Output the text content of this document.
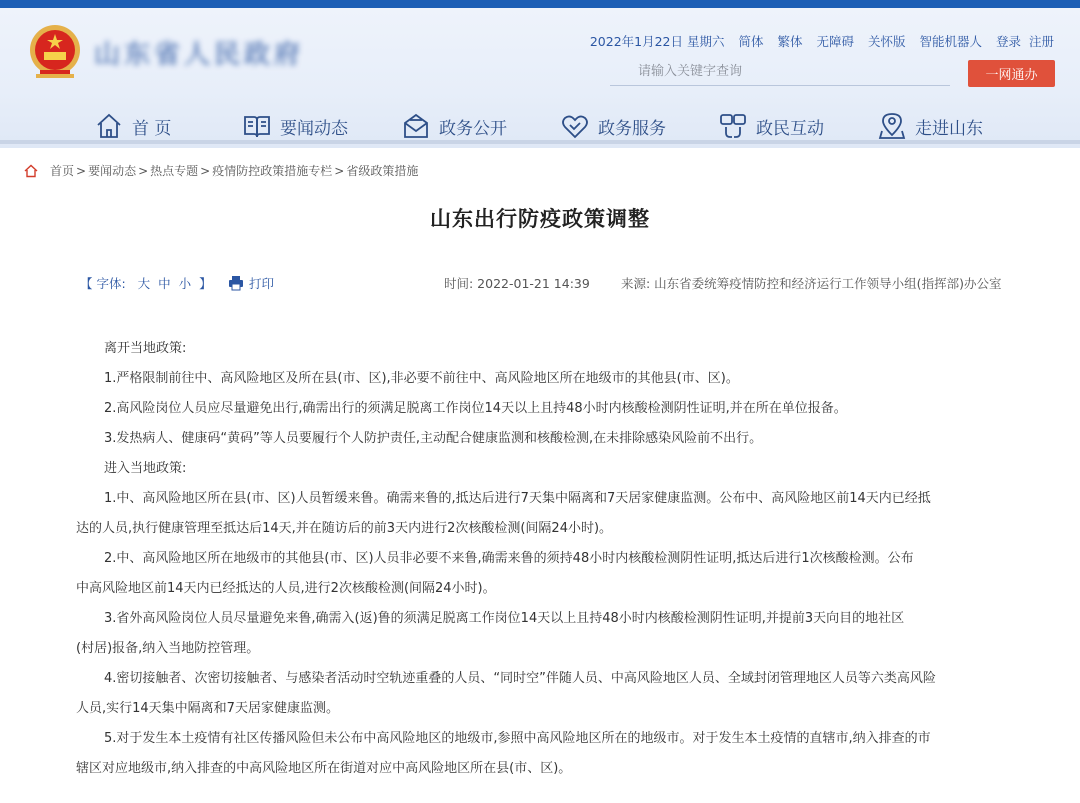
山东省人民政府	2022年1月22日 星期六 简体 繁体 无障碍 关怀版 智能机器人 登录 注册
请输入关键字查询
一网通办
首 页	要闻动态	政务公开	政务服务	政民互动	走进山东
首页 > 要闻动态 > 热点专题 > 疫情防控政策措施专栏 > 省级政策措施
山东出行防疫政策调整
【 字体: 大 中 小 】	打印	时间: 2022-01-21 14:39 来源: 山东省委统筹疫情防控和经济运行工作领导小组(指挥部)办公室

离开当地政策:

1.严格限制前往中、高风险地区及所在县(市、区),非必要不前往中、高风险地区所在地级市的其他县(市、区)。

2.高风险岗位人员应尽量避免出行,确需出行的须满足脱离工作岗位14天以上且持48小时内核酸检测阴性证明,并在所在单位报备。

3.发热病人、健康码“黄码”等人员要履行个人防护责任,主动配合健康监测和核酸检测,在未排除感染风险前不出行。

进入当地政策:

1.中、高风险地区所在县(市、区)人员暂缓来鲁。确需来鲁的,抵达后进行7天集中隔离和7天居家健康监测。公布中、高风险地区前14天内已经抵

达的人员,执行健康管理至抵达后14天,并在随访后的前3天内进行2次核酸检测(间隔24小时)。

2.中、高风险地区所在地级市的其他县(市、区)人员非必要不来鲁,确需来鲁的须持48小时内核酸检测阴性证明,抵达后进行1次核酸检测。公布

中高风险地区前14天内已经抵达的人员,进行2次核酸检测(间隔24小时)。

3.省外高风险岗位人员尽量避免来鲁,确需入(返)鲁的须满足脱离工作岗位14天以上且持48小时内核酸检测阴性证明,并提前3天向目的地社区

(村居)报备,纳入当地防控管理。

4.密切接触者、次密切接触者、与感染者活动时空轨迹重叠的人员、“同时空”伴随人员、中高风险地区人员、全域封闭管理地区人员等六类高风险

人员,实行14天集中隔离和7天居家健康监测。

5.对于发生本土疫情有社区传播风险但未公布中高风险地区的地级市,参照中高风险地区所在的地级市。对于发生本土疫情的直辖市,纳入排查的市

辖区对应地级市,纳入排查的中高风险地区所在街道对应中高风险地区所在县(市、区)。
